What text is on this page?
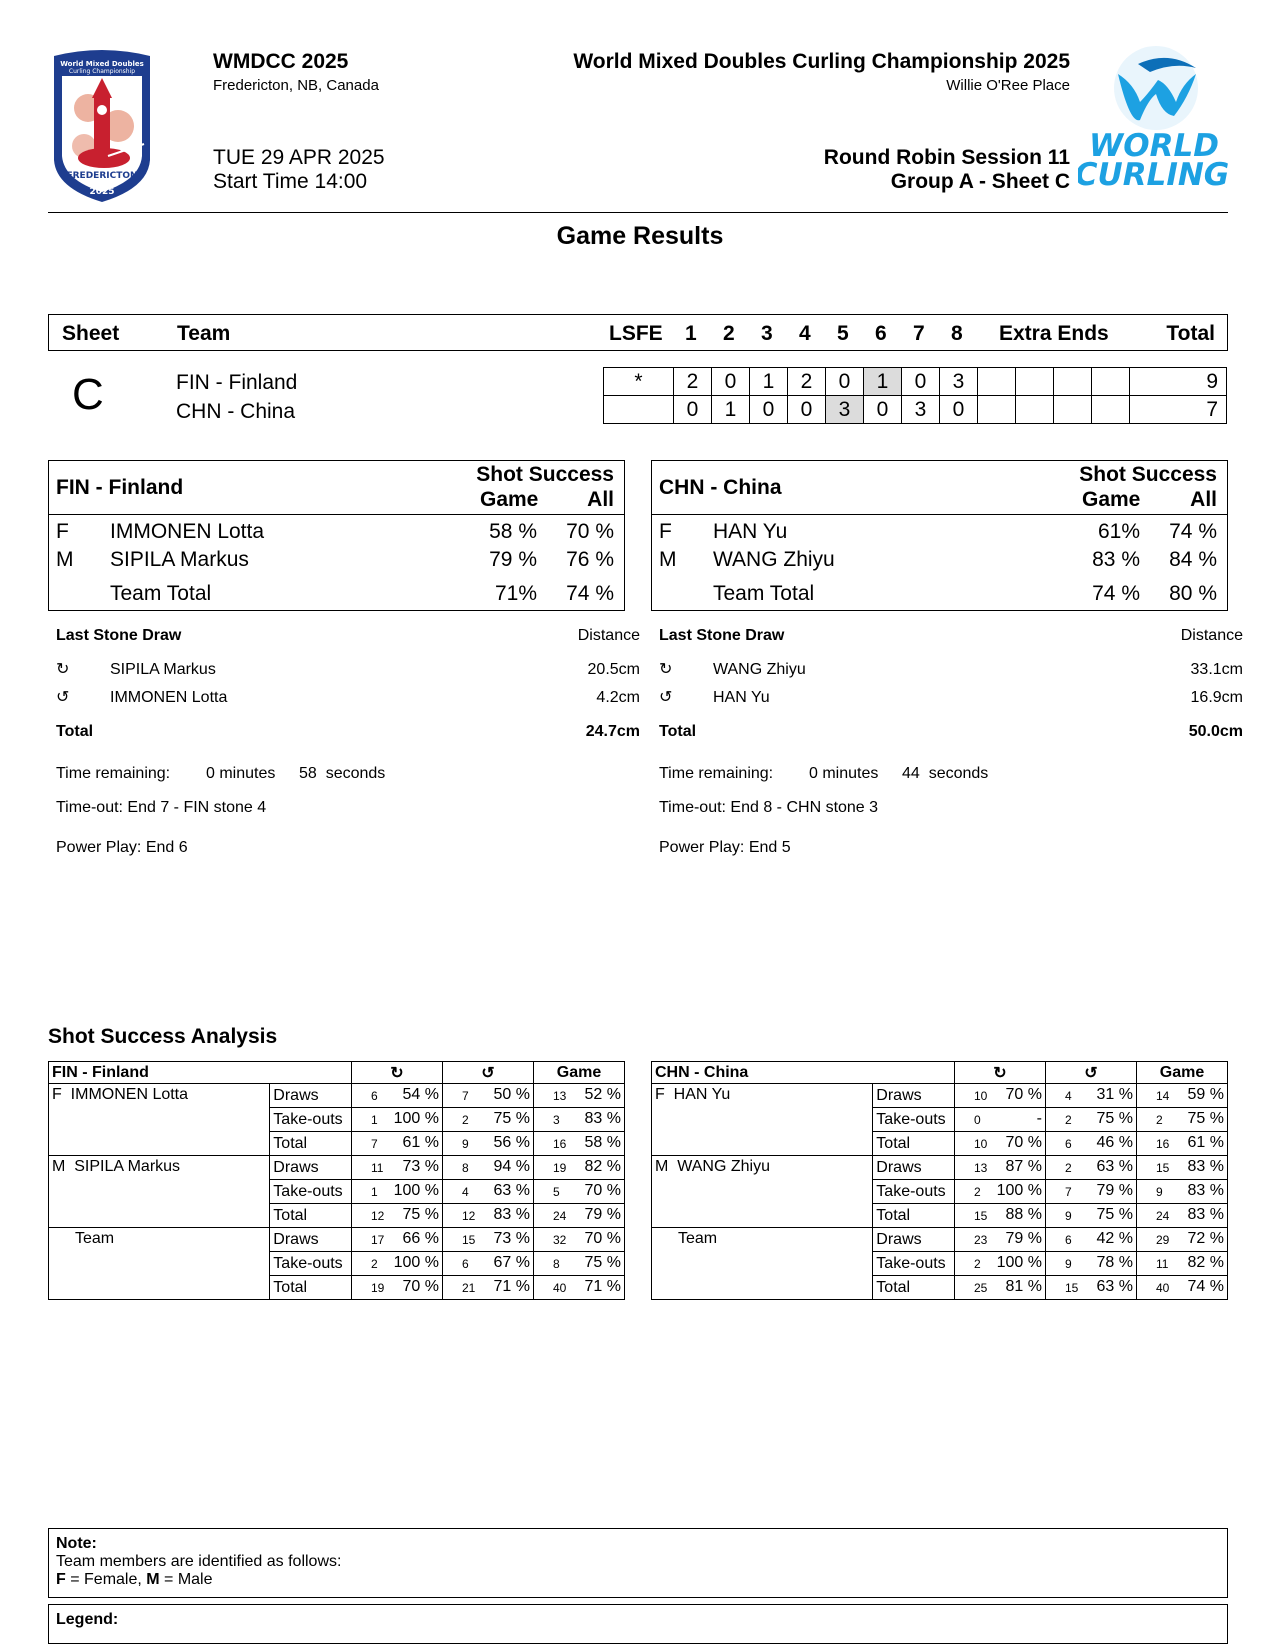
World Mixed Doubles
Curling Championship
FREDERICTON
2025
WMDCC 2025
Fredericton, NB, Canada
TUE 29 APR 2025
Start Time 14:00
World Mixed Doubles Curling Championship 2025
Willie O'Ree Place
Round Robin Session 11
Group A - Sheet C
WORLD
CURLING
Game Results
Sheet	Team	LSFE 1 2 3 4 5 6 7 8 Extra Ends	Total
C	FIN - Finland
CHN - China
*	2	0	1	2	0	1	0	3					9
	0	1	0	0	3	0	3	0					7
FIN - Finland
Shot Success
Game All
F IMMONEN Lotta	58 % 70 %
M SIPILA Markus	79 % 76 %
Team Total	71% 74 %
CHN - China
Shot Success
Game All
F HAN Yu	61% 74 %
M WANG Zhiyu	83 % 84 %
Team Total	74 % 80 %
Last Stone Draw	Distance
↻	SIPILA Markus	20.5cm
↺	IMMONEN Lotta	4.2cm
Total	24.7cm
Time remaining: 0 minutes 58  seconds
Time-out: End 7 - FIN stone 4
Power Play: End 6
Last Stone Draw	Distance
↻	WANG Zhiyu	33.1cm
↺	HAN Yu	16.9cm
Total	50.0cm
Time remaining: 0 minutes 44  seconds
Time-out: End 8 - CHN stone 3
Power Play: End 5
Shot Success Analysis
FIN - Finland		↻	↺	Game
F  IMMONEN Lotta	Draws	6 54 %	7 50 %	13 52 %
	Take-outs	1 100 %	2 75 %	3 83 %
	Total	7 61 %	9 56 %	16 58 %
M  SIPILA Markus	Draws	11 73 %	8 94 %	19 82 %
	Take-outs	1 100 %	4 63 %	5 70 %
	Total	12 75 %	12 83 %	24 79 %
Team	Draws	17 66 %	15 73 %	32 70 %
	Take-outs	2 100 %	6 67 %	8 75 %
	Total	19 70 %	21 71 %	40 71 %
CHN - China		↻	↺	Game
F  HAN Yu	Draws	10 70 %	4 31 %	14 59 %
	Take-outs	0 -	2 75 %	2 75 %
	Total	10 70 %	6 46 %	16 61 %
M  WANG Zhiyu	Draws	13 87 %	2 63 %	15 83 %
	Take-outs	2 100 %	7 79 %	9 83 %
	Total	15 88 %	9 75 %	24 83 %
Team	Draws	23 79 %	6 42 %	29 72 %
	Take-outs	2 100 %	9 78 %	11 82 %
	Total	25 81 %	15 63 %	40 74 %
Note:
Team members are identified as follows:
F = Female, M = Male
Legend:
